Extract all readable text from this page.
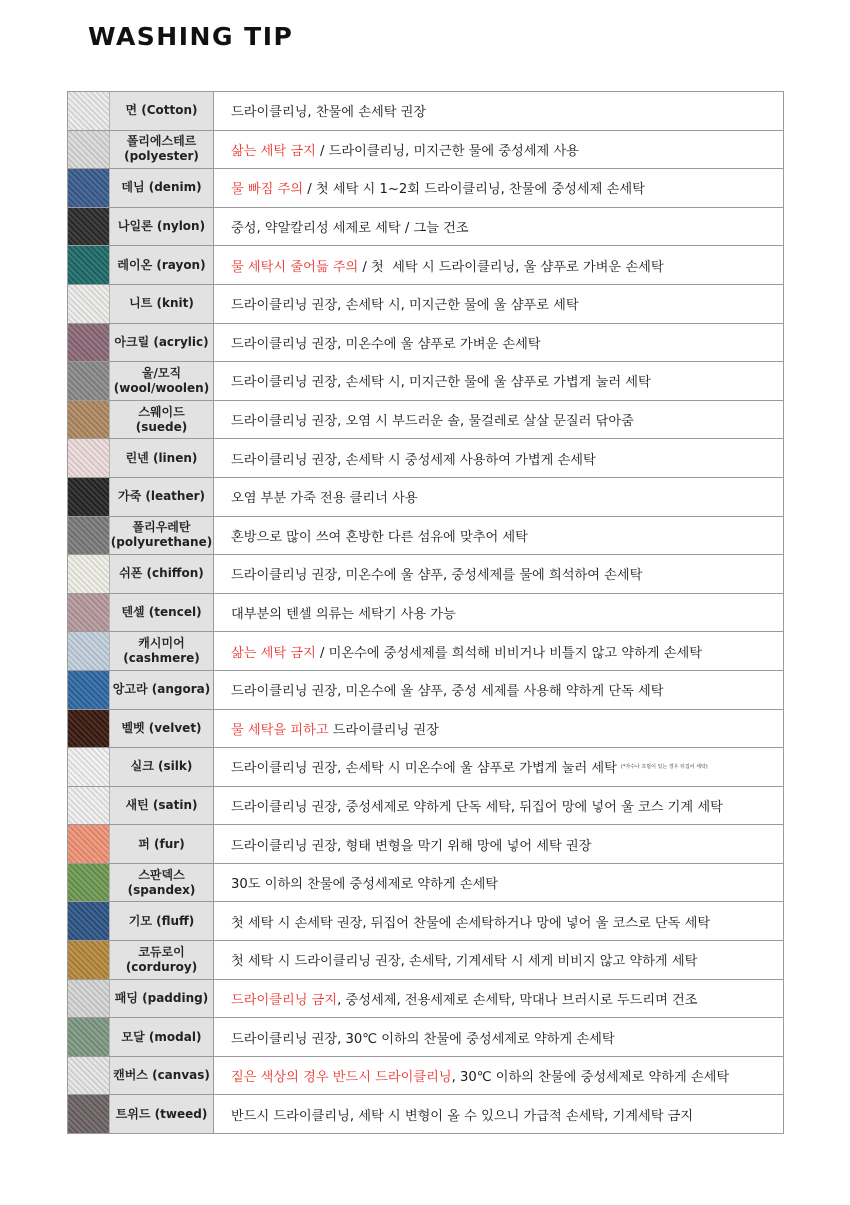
WASHING TIP
면 (Cotton)	드라이클리닝, 찬물에 손세탁 권장
폴리에스테르
(polyester)	삶는 세탁 금지 / 드라이클리닝, 미지근한 물에 중성세제 사용
데님 (denim)	물 빠짐 주의 / 첫 세탁 시 1~2회 드라이클리닝, 찬물에 중성세제 손세탁
나일론 (nylon)	중성, 약알칼리성 세제로 세탁 / 그늘 건조
레이온 (rayon)	물 세탁시 줄어듦 주의 / 첫  세탁 시 드라이클리닝, 울 샴푸로 가벼운 손세탁
니트 (knit)	드라이클리닝 권장, 손세탁 시, 미지근한 물에 울 샴푸로 세탁
아크릴 (acrylic)	드라이클리닝 권장, 미온수에 울 샴푸로 가벼운 손세탁
울/모직
(wool/woolen)	드라이클리닝 권장, 손세탁 시, 미지근한 물에 울 샴푸로 가볍게 눌러 세탁
스웨이드
(suede)	드라이클리닝 권장, 오염 시 부드러운 솔, 물걸레로 살살 문질러 닦아줌
린넨 (linen)	드라이클리닝 권장, 손세탁 시 중성세제 사용하여 가볍게 손세탁
가죽 (leather)	오염 부분 가죽 전용 클리너 사용
폴리우레탄
(polyurethane) 혼방으로 많이 쓰여 혼방한 다른 섬유에 맞추어 세탁
쉬폰 (chiffon)	드라이클리닝 권장, 미온수에 울 샴푸, 중성세제를 물에 희석하여 손세탁
텐셀 (tencel)	대부분의 텐셀 의류는 세탁기 사용 가능
캐시미어
(cashmere)	삶는 세탁 금지 / 미온수에 중성세제를 희석해 비비거나 비틀지 않고 약하게 손세탁
앙고라 (angora) 드라이클리닝 권장, 미온수에 울 샴푸, 중성 세제를 사용해 약하게 단독 세탁
벨벳 (velvet)	물 세탁을 피하고 드라이클리닝 권장
실크 (silk)	드라이클리닝 권장, 손세탁 시 미온수에 울 샴푸로 가볍게 눌러 세탁 (*자수나 프릴이 있는 경우 뒤집어 세탁)
새틴 (satin)	드라이클리닝 권장, 중성세제로 약하게 단독 세탁, 뒤집어 망에 넣어 울 코스 기계 세탁
퍼 (fur)	드라이클리닝 권장, 형태 변형을 막기 위해 망에 넣어 세탁 권장
스판덱스
(spandex)	30도 이하의 찬물에 중성세제로 약하게 손세탁
기모 (fluff)	첫 세탁 시 손세탁 권장, 뒤집어 찬물에 손세탁하거나 망에 넣어 울 코스로 단독 세탁
코듀로이
(corduroy)	첫 세탁 시 드라이클리닝 권장, 손세탁, 기계세탁 시 세게 비비지 않고 약하게 세탁
패딩 (padding)	드라이클리닝 금지 , 중성세제, 전용세제로 손세탁, 막대나 브러시로 두드리며 건조
모달 (modal)	드라이클리닝 권장, 30℃ 이하의 찬물에 중성세제로 약하게 손세탁
캔버스 (canvas)	짙은 색상의 경우 반드시 드라이클리닝 , 30℃ 이하의 찬물에 중성세제로 약하게 손세탁
트위드 (tweed)	반드시 드라이클리닝, 세탁 시 변형이 올 수 있으니 가급적 손세탁, 기계세탁 금지
